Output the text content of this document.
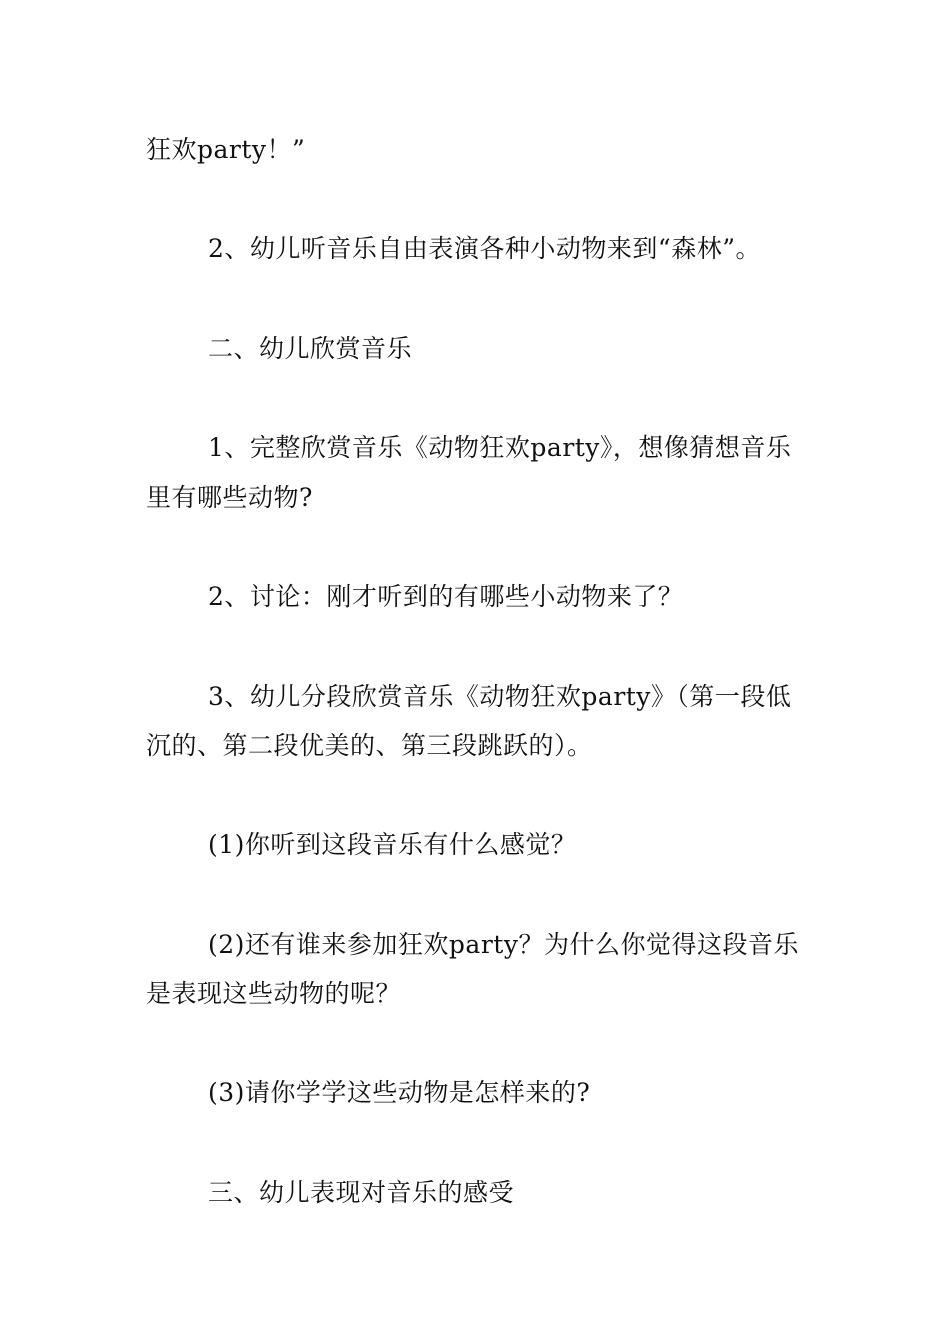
狂欢party！”
2、幼儿听音乐自由表演各种小动物来到“森林”。
二、幼儿欣赏音乐
1、完整欣赏音乐《动物狂欢party》，想像猜想音乐
里有哪些动物?
2、讨论：刚才听到的有哪些小动物来了？
3、幼儿分段欣赏音乐《动物狂欢party》（第一段低
沉的、第二段优美的、第三段跳跃的）。
(1)你听到这段音乐有什么感觉？
(2)还有谁来参加狂欢party？为什么你觉得这段音乐
是表现这些动物的呢？
(3)请你学学这些动物是怎样来的?
三、幼儿表现对音乐的感受
